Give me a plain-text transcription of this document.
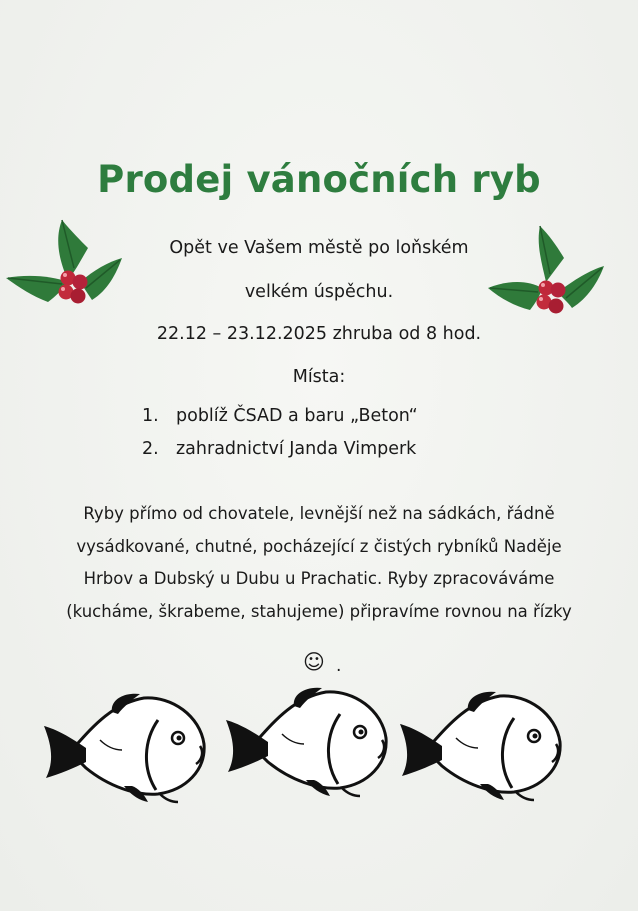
Prodej vánočních ryb
Opět ve Vašem městě po loňském
velkém úspěchu.
22.12 – 23.12.2025 zhruba od 8 hod.
Místa:
1. poblíž ČSAD a baru „Beton“
2. zahradnictví Janda Vimperk
Ryby přímo od chovatele, levnější než na sádkách, řádně vysádkované, chutné, pocházející z čistých rybníků Naděje Hrbov a Dubský u Dubu u Prachatic. Ryby zpracováváme (kucháme, škrabeme, stahujeme) připravíme rovnou na řízky
☺ .
